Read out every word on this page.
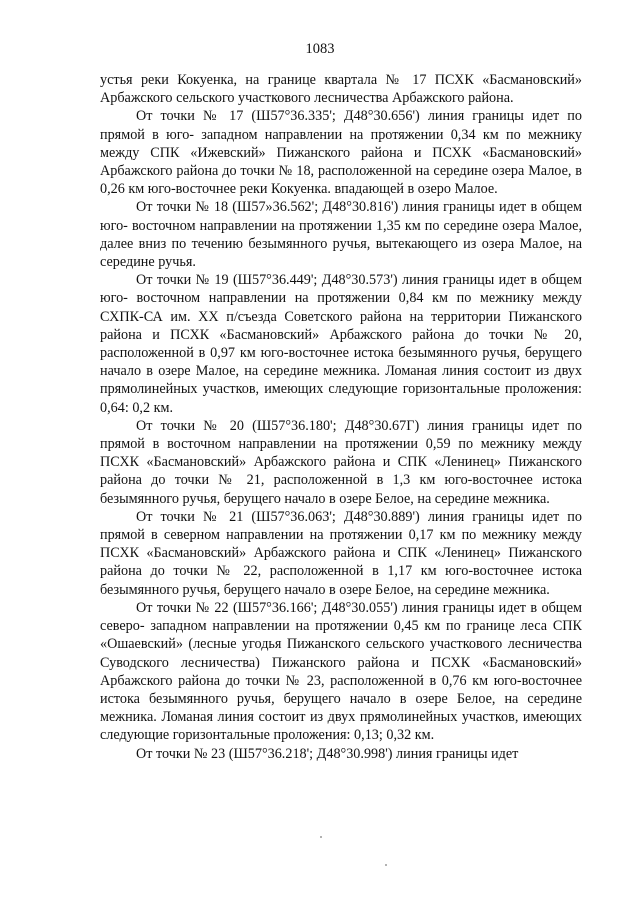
1083

устья реки Кокуенка, на границе квартала № 17 ПСХК «Басмановский» Арбажского сельского участкового лесничества Арбажского района.

От точки № 17 (Ш57°36.335'; Д48°30.656') линия границы идет по прямой в юго- западном направлении на протяжении 0,34 км по межнику между СПК «Ижевский» Пижанского района и ПСХК «Басмановский» Арбажского района до точки № 18, расположенной на середине озера Малое, в 0,26 км юго-восточнее реки Кокуенка. впадающей в озеро Малое.

От точки № 18 (Ш57»36.562'; Д48°30.816') линия границы идет в общем юго- восточном направлении на протяжении 1,35 км по середине озера Малое, далее вниз по течению безымянного ручья, вытекающего из озера Малое, на середине ручья.

От точки № 19 (Ш57°36.449'; Д48°30.573') линия границы идет в общем юго- восточном направлении на протяжении 0,84 км по межнику между СХПК-СА им. XX п/съезда Советского района на территории Пижанского района и ПСХК «Басмановский» Арбажского района до точки № 20, расположенной в 0,97 км юго-восточнее истока безымянного ручья, берущего начало в озере Малое, на середине межника. Ломаная линия состоит из двух прямолинейных участков, имеющих следующие горизонтальные проложения: 0,64: 0,2 км.

От точки № 20 (Ш57°36.180'; Д48°30.67Г) линия границы идет по прямой в восточном направлении на протяжении 0,59 по межнику между ПСХК «Басмановский» Арбажского района и СПК «Ленинец» Пижанского района до точки № 21, расположенной в 1,3 км юго-восточнее истока безымянного ручья, берущего начало в озере Белое, на середине межника.

От точки № 21 (Ш57°36.063'; Д48°30.889') линия границы идет по прямой в северном направлении на протяжении 0,17 км по межнику между ПСХК «Басмановский» Арбажского района и СПК «Ленинец» Пижанского района до точки № 22, расположенной в 1,17 км юго-восточнее истока безымянного ручья, берущего начало в озере Белое, на середине межника.

От точки № 22 (Ш57°36.166'; Д48°30.055') линия границы идет в общем северо- западном направлении на протяжении 0,45 км по границе леса СПК «Ошаевский» (лесные угодья Пижанского сельского участкового лесничества Суводского лесничества) Пижанского района и ПСХК «Басмановский» Арбажского района до точки № 23, расположенной в 0,76 км юго-восточнее истока безымянного ручья, берущего начало в озере Белое, на середине межника. Ломаная линия состоит из двух прямолинейных участков, имеющих следующие горизонтальные проложения: 0,13; 0,32 км.

От точки № 23 (Ш57°36.218'; Д48°30.998') линия границы идет
